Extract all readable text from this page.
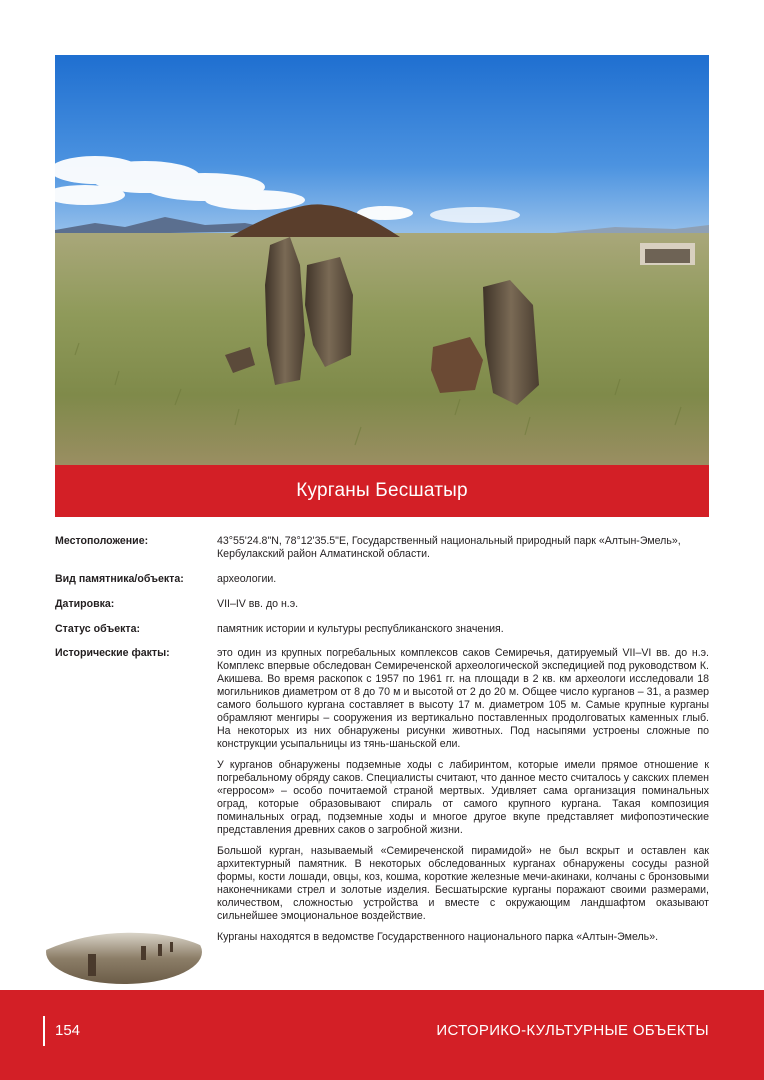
Курганы Бесшатыр
Местоположение:	43°55'24.8"N, 78°12'35.5"E, Государственный национальный природный парк «Алтын-Эмель», Кербулакский район Алматинской области.
Вид памятника/объекта:	археологии.
Датировка:	VII–IV вв. до н.э.
Статус объекта:	памятник истории и культуры республиканского значения.
Исторические факты:	это один из крупных погребальных комплексов саков Семиречья, датируемый VII–VI вв. до н.э. Комплекс впервые обследован Семиреченской археологической экспедицией под руководством К. Акишева. Во время раскопок с 1957 по 1961 гг. на площади в 2 кв. км археологи исследовали 18 могильников диаметром от 8 до 70 м и высотой от 2 до 20 м. Общее число курганов – 31, а размер самого большого кургана составляет в высоту 17 м. диаметром 105 м. Самые крупные курганы обрамляют менгиры – сооружения из вертикально поставленных продолговатых каменных глыб. На некоторых из них обнаружены рисунки животных. Под насыпями устроены сложные по конструкции усыпальницы из тянь-шаньской ели.

У курганов обнаружены подземные ходы с лабиринтом, которые имели прямое отношение к погребальному обряду саков. Специалисты считают, что данное место считалось у сакских племен «герросом» – особо почитаемой страной мертвых. Удивляет сама организация поминальных оград, которые образовывают спираль от самого крупного кургана. Такая композиция поминальных оград, подземные ходы и многое другое вкупе представляет мифопоэтические представления древних саков о загробной жизни.

Большой курган, называемый «Семиреченской пирамидой» не был вскрыт и оставлен как архитектурный памятник. В некоторых обследованных курганах обнаружены сосуды разной формы, кости лошади, овцы, коз, кошма, короткие железные мечи-акинаки, колчаны с бронзовыми наконечниками стрел и золотые изделия. Бесшатырские курганы поражают своими размерами, количеством, сложностью устройства и вместе с окружающим ландшафтом оказывают сильнейшее эмоциональное воздействие.

Курганы находятся в ведомстве Государственного национального парка «Алтын-Эмель».

154	ИСТОРИКО-КУЛЬТУРНЫЕ ОБЪЕКТЫ
